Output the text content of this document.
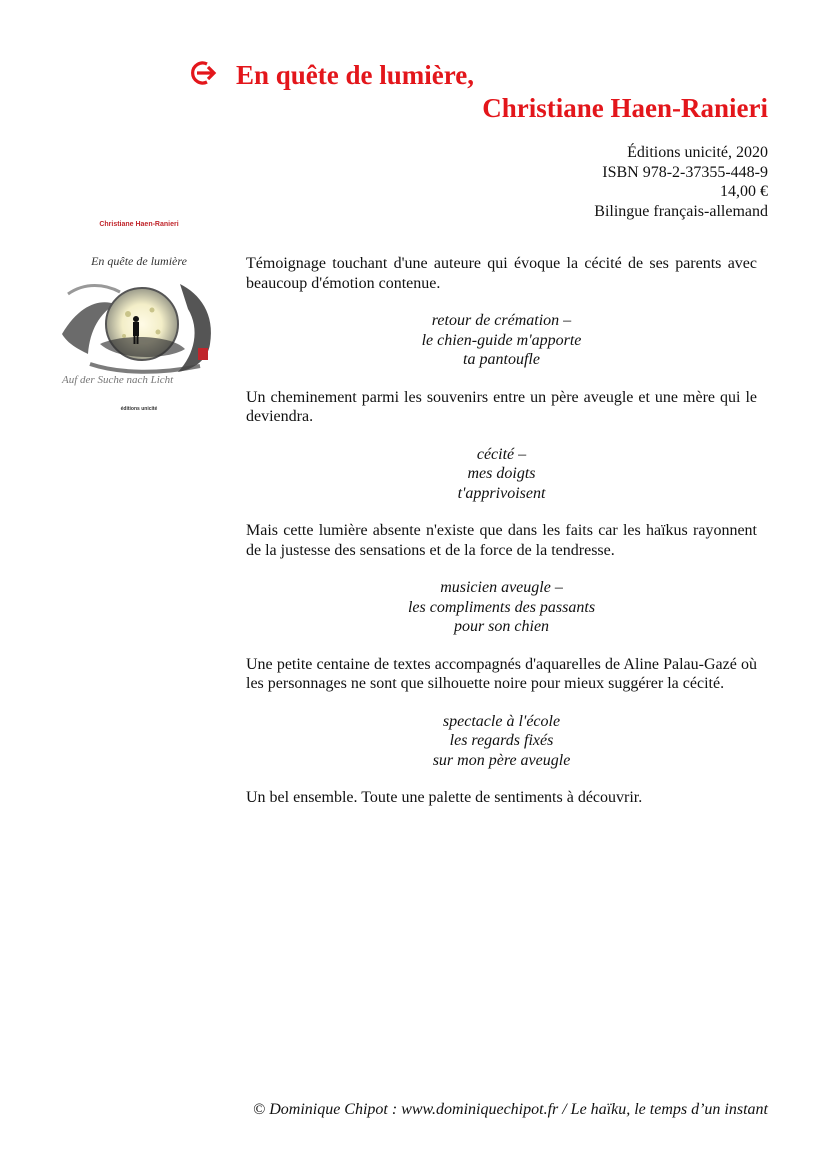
En quête de lumière,
Christiane Haen-Ranieri
Éditions unicité, 2020
ISBN 978-2-37355-448-9
14,00 €
Bilingue français-allemand
Christiane Haen-Ranieri
En quête de lumière
Auf der Suche nach Licht
éditions unicité

Témoignage touchant d'une auteure qui évoque la cécité de ses parents avec beaucoup d'émotion contenue.

retour de crémation –
le chien-guide m'apporte
ta pantoufle

Un cheminement parmi les souvenirs entre un père aveugle et une mère qui le deviendra.

cécité –
mes doigts
t'apprivoisent

Mais cette lumière absente n'existe que dans les faits car les haïkus rayonnent de la justesse des sensations et de la force de la tendresse.

musicien aveugle –
les compliments des passants
pour son chien

Une petite centaine de textes accompagnés d'aquarelles de Aline Palau-Gazé où les personnages ne sont que silhouette noire pour mieux suggérer la cécité.

spectacle à l'école
les regards fixés
sur mon père aveugle

Un bel ensemble. Toute une palette de sentiments à découvrir.

© Dominique Chipot : www.dominiquechipot.fr / Le haïku, le temps d’un instant
